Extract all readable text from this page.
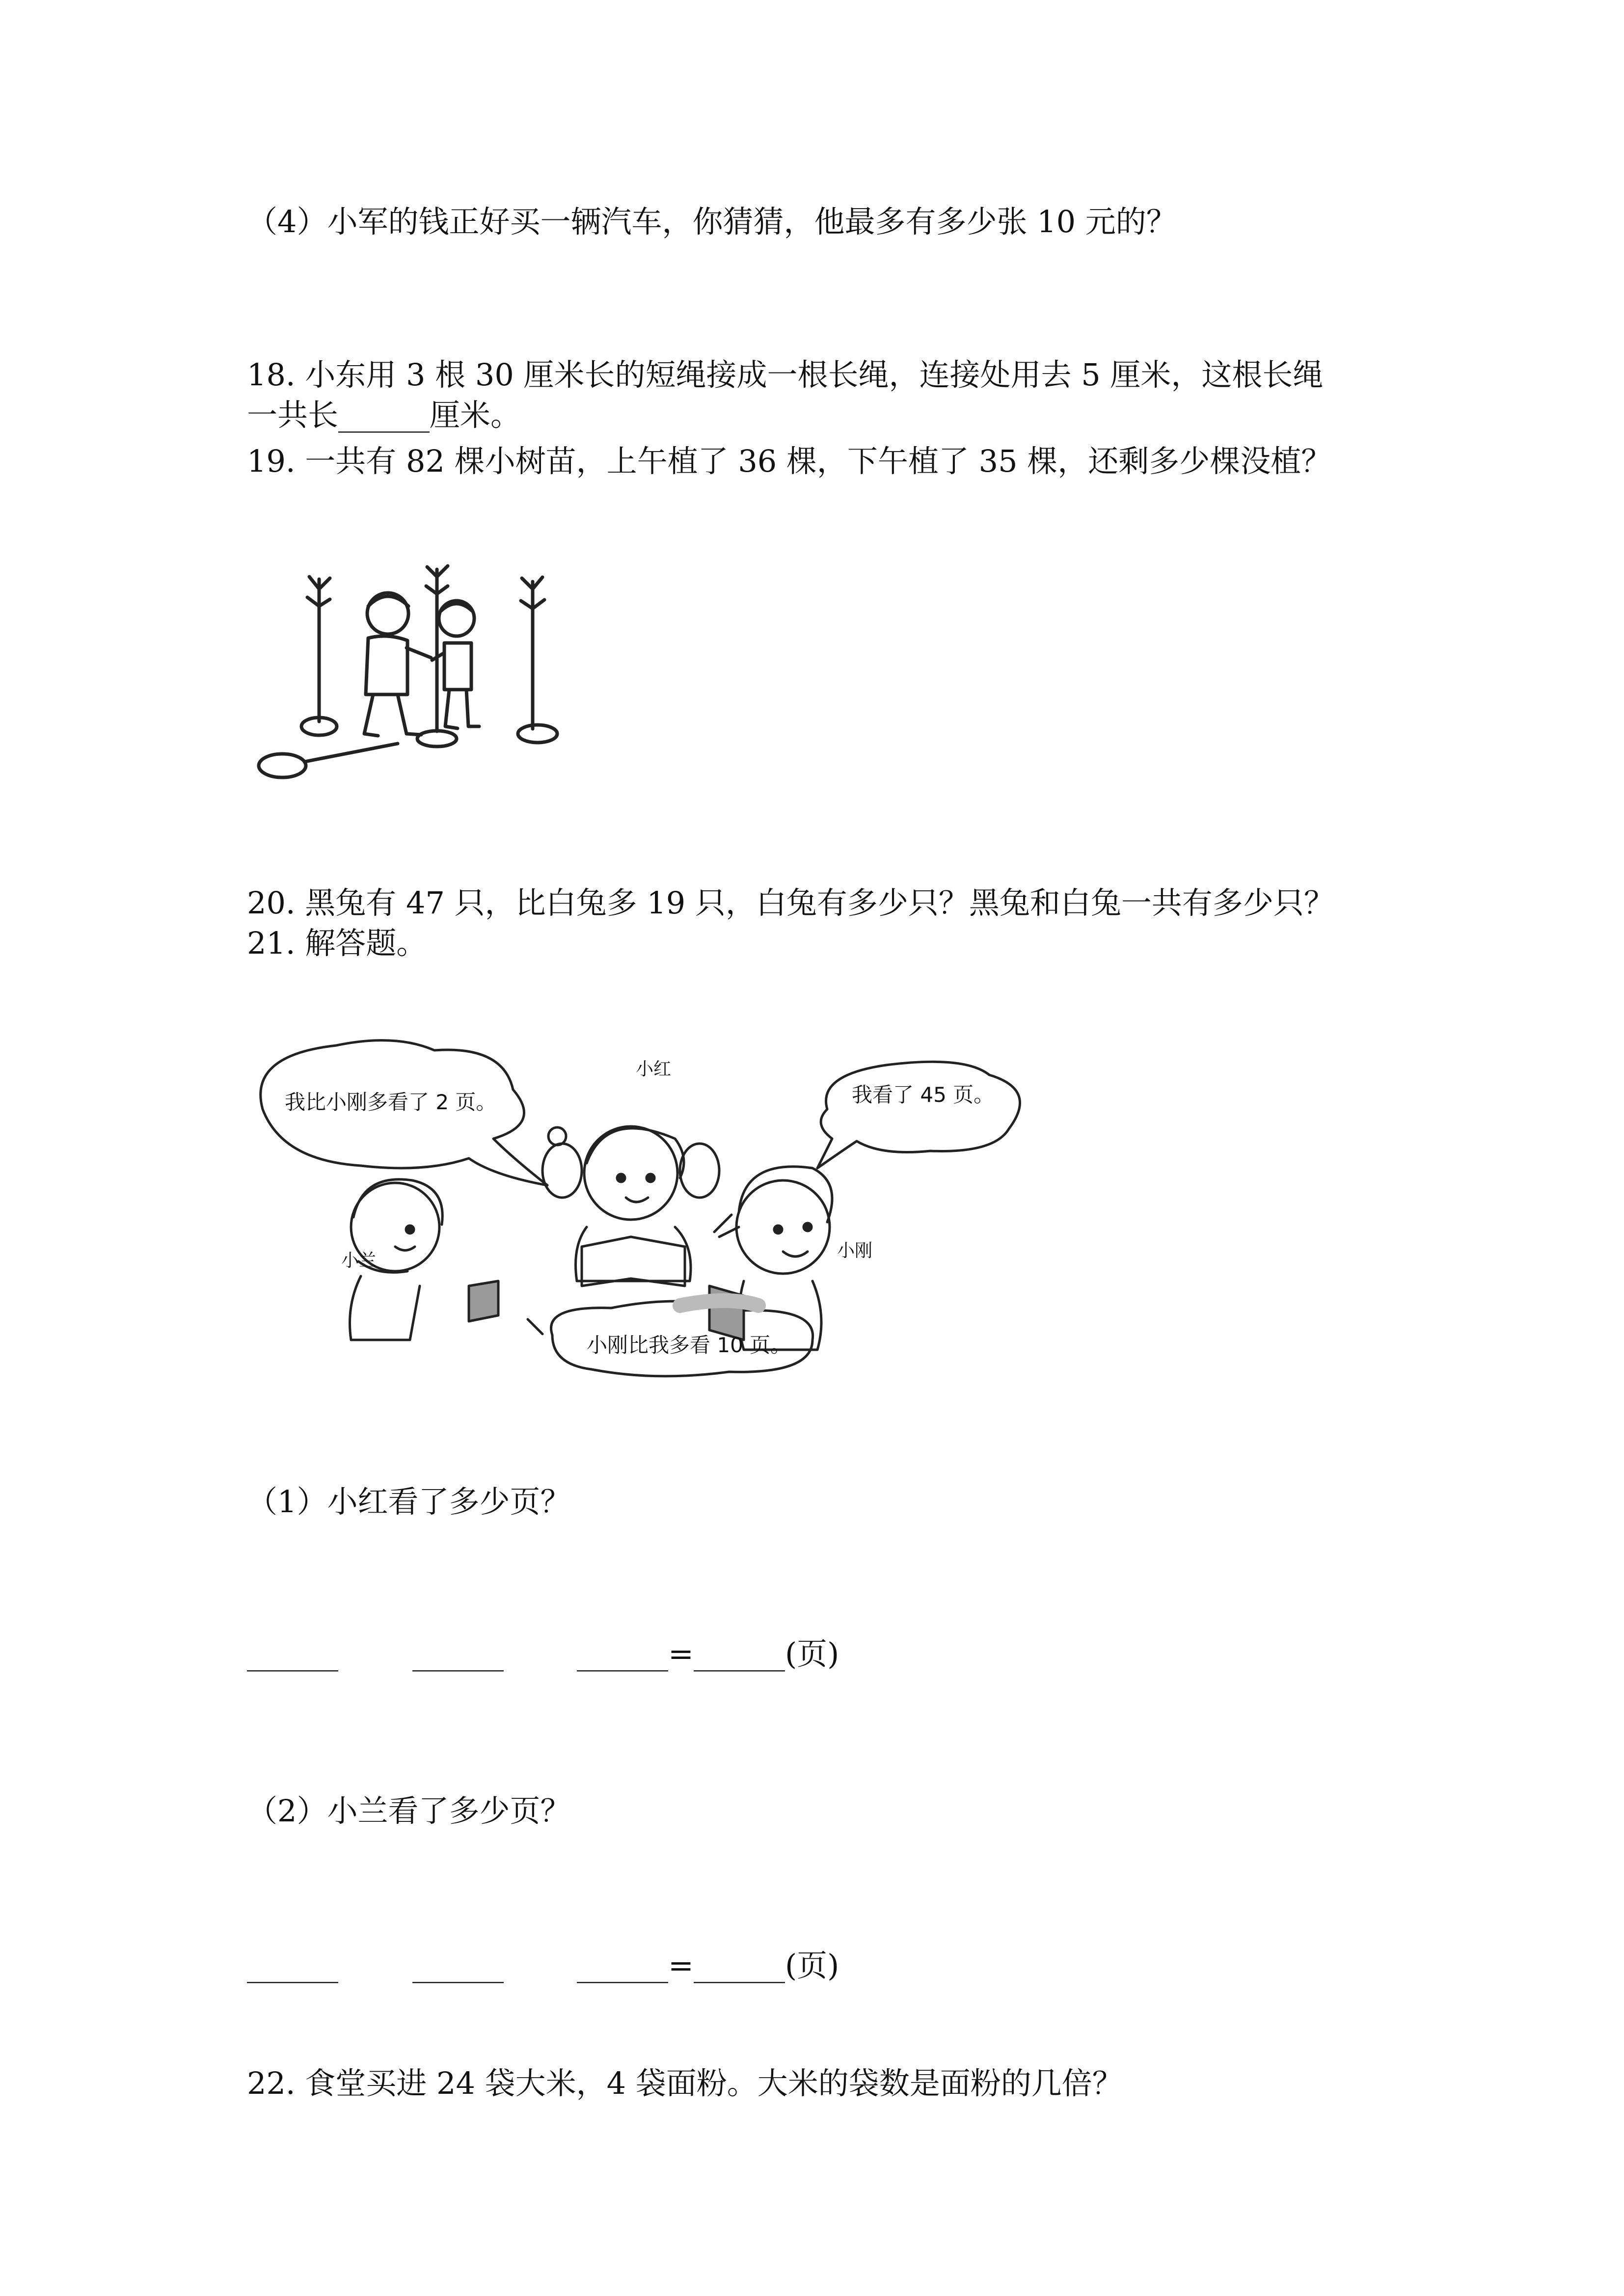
（4）小军的钱正好买一辆汽车，你猜猜，他最多有多少张 10 元的？
18. 小东用 3 根 30 厘米长的短绳接成一根长绳，连接处用去 5 厘米，这根长绳
一共长______厘米。
19. 一共有 82 棵小树苗，上午植了 36 棵，下午植了 35 棵，还剩多少棵没植？
20. 黑兔有 47 只，比白兔多 19 只，白兔有多少只？黑兔和白兔一共有多少只？
21. 解答题。
我比小刚多看了 2 页。	我看了 45 页。
小刚比我多看 10 页。
小红
小兰	小刚
（1）小红看了多少页？
______ ______ ______=______(页)
（2）小兰看了多少页？
______ ______ ______=______(页)
22. 食堂买进 24 袋大米，4 袋面粉。大米的袋数是面粉的几倍？
